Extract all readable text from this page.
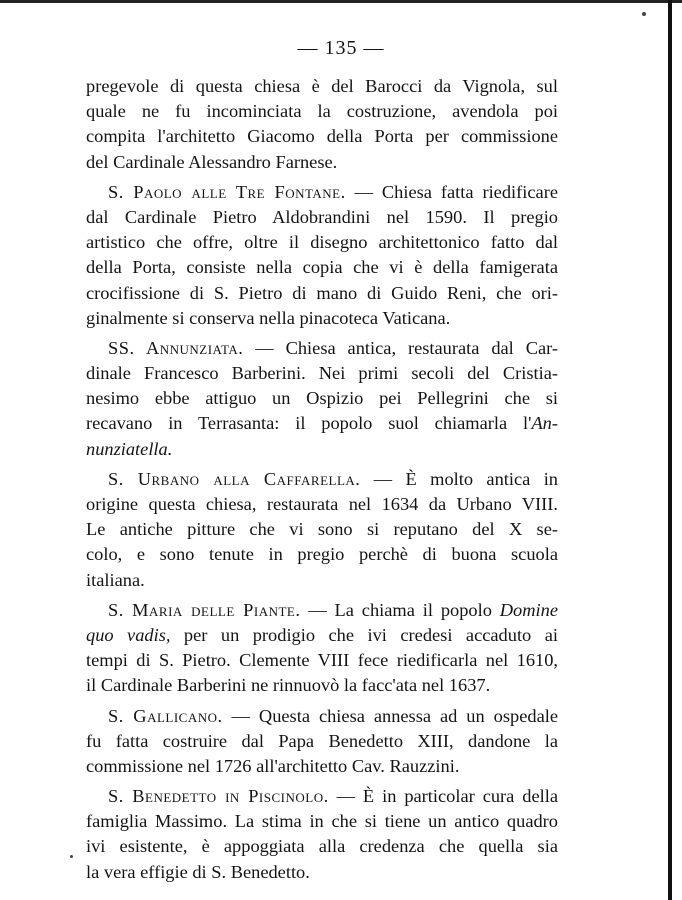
— 135 —
pregevole di questa chiesa è del Barocci da Vignola, sul
quale ne fu incominciata la costruzione, avendola poi
compita l'architetto Giacomo della Porta per commissione
del Cardinale Alessandro Farnese.
S. Paolo alle Tre Fontane. — Chiesa fatta riedificare
dal Cardinale Pietro Aldobrandini nel 1590. Il pregio
artistico che offre, oltre il disegno architettonico fatto dal
della Porta, consiste nella copia che vi è della famigerata
crocifissione di S. Pietro di mano di Guido Reni, che ori-
ginalmente si conserva nella pinacoteca Vaticana.
SS. Annunziata. — Chiesa antica, restaurata dal Car-
dinale Francesco Barberini. Nei primi secoli del Cristia-
nesimo ebbe attiguo un Ospizio pei Pellegrini che si
recavano in Terrasanta: il popolo suol chiamarla l'An-
nunziatella.
S. Urbano alla Caffarella. — È molto antica in
origine questa chiesa, restaurata nel 1634 da Urbano VIII.
Le antiche pitture che vi sono si reputano del X se-
colo, e sono tenute in pregio perchè di buona scuola
italiana.
S. Maria delle Piante. — La chiama il popolo Domine
quo vadis, per un prodigio che ivi credesi accaduto ai
tempi di S. Pietro. Clemente VIII fece riedificarla nel 1610,
il Cardinale Barberini ne rinnuovò la facc'ata nel 1637.
S. Gallicano. — Questa chiesa annessa ad un ospedale
fu fatta costruire dal Papa Benedetto XIII, dandone la
commissione nel 1726 all'architetto Cav. Rauzzini.
S. Benedetto in Piscinolo. — È in particolar cura della
famiglia Massimo. La stima in che si tiene un antico quadro
ivi esistente, è appoggiata alla credenza che quella sia
la vera effigie di S. Benedetto.
